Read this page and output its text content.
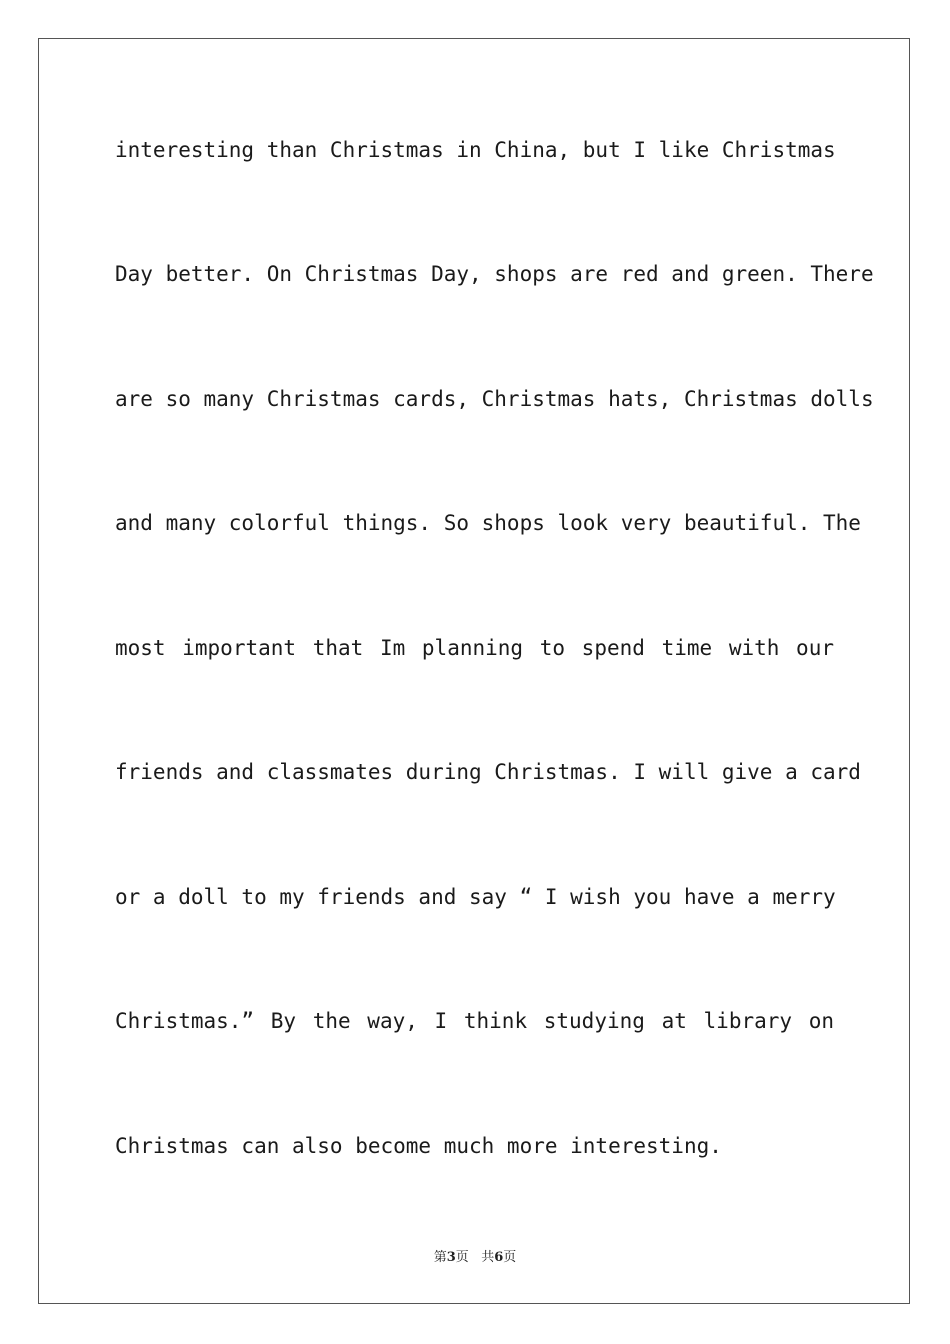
interesting than Christmas in China, but I like Christmas
Day better. On Christmas Day, shops are red and green. There
are so many Christmas cards, Christmas hats, Christmas dolls
and many colorful things. So shops look very beautiful. The
most important that Im planning to spend time with our
friends and classmates during Christmas. I will give a card
or a doll to my friends and say “ I wish you have a merry
Christmas.” By the way, I think studying at library on
Christmas can also become much more interesting.
第3页 共6页
